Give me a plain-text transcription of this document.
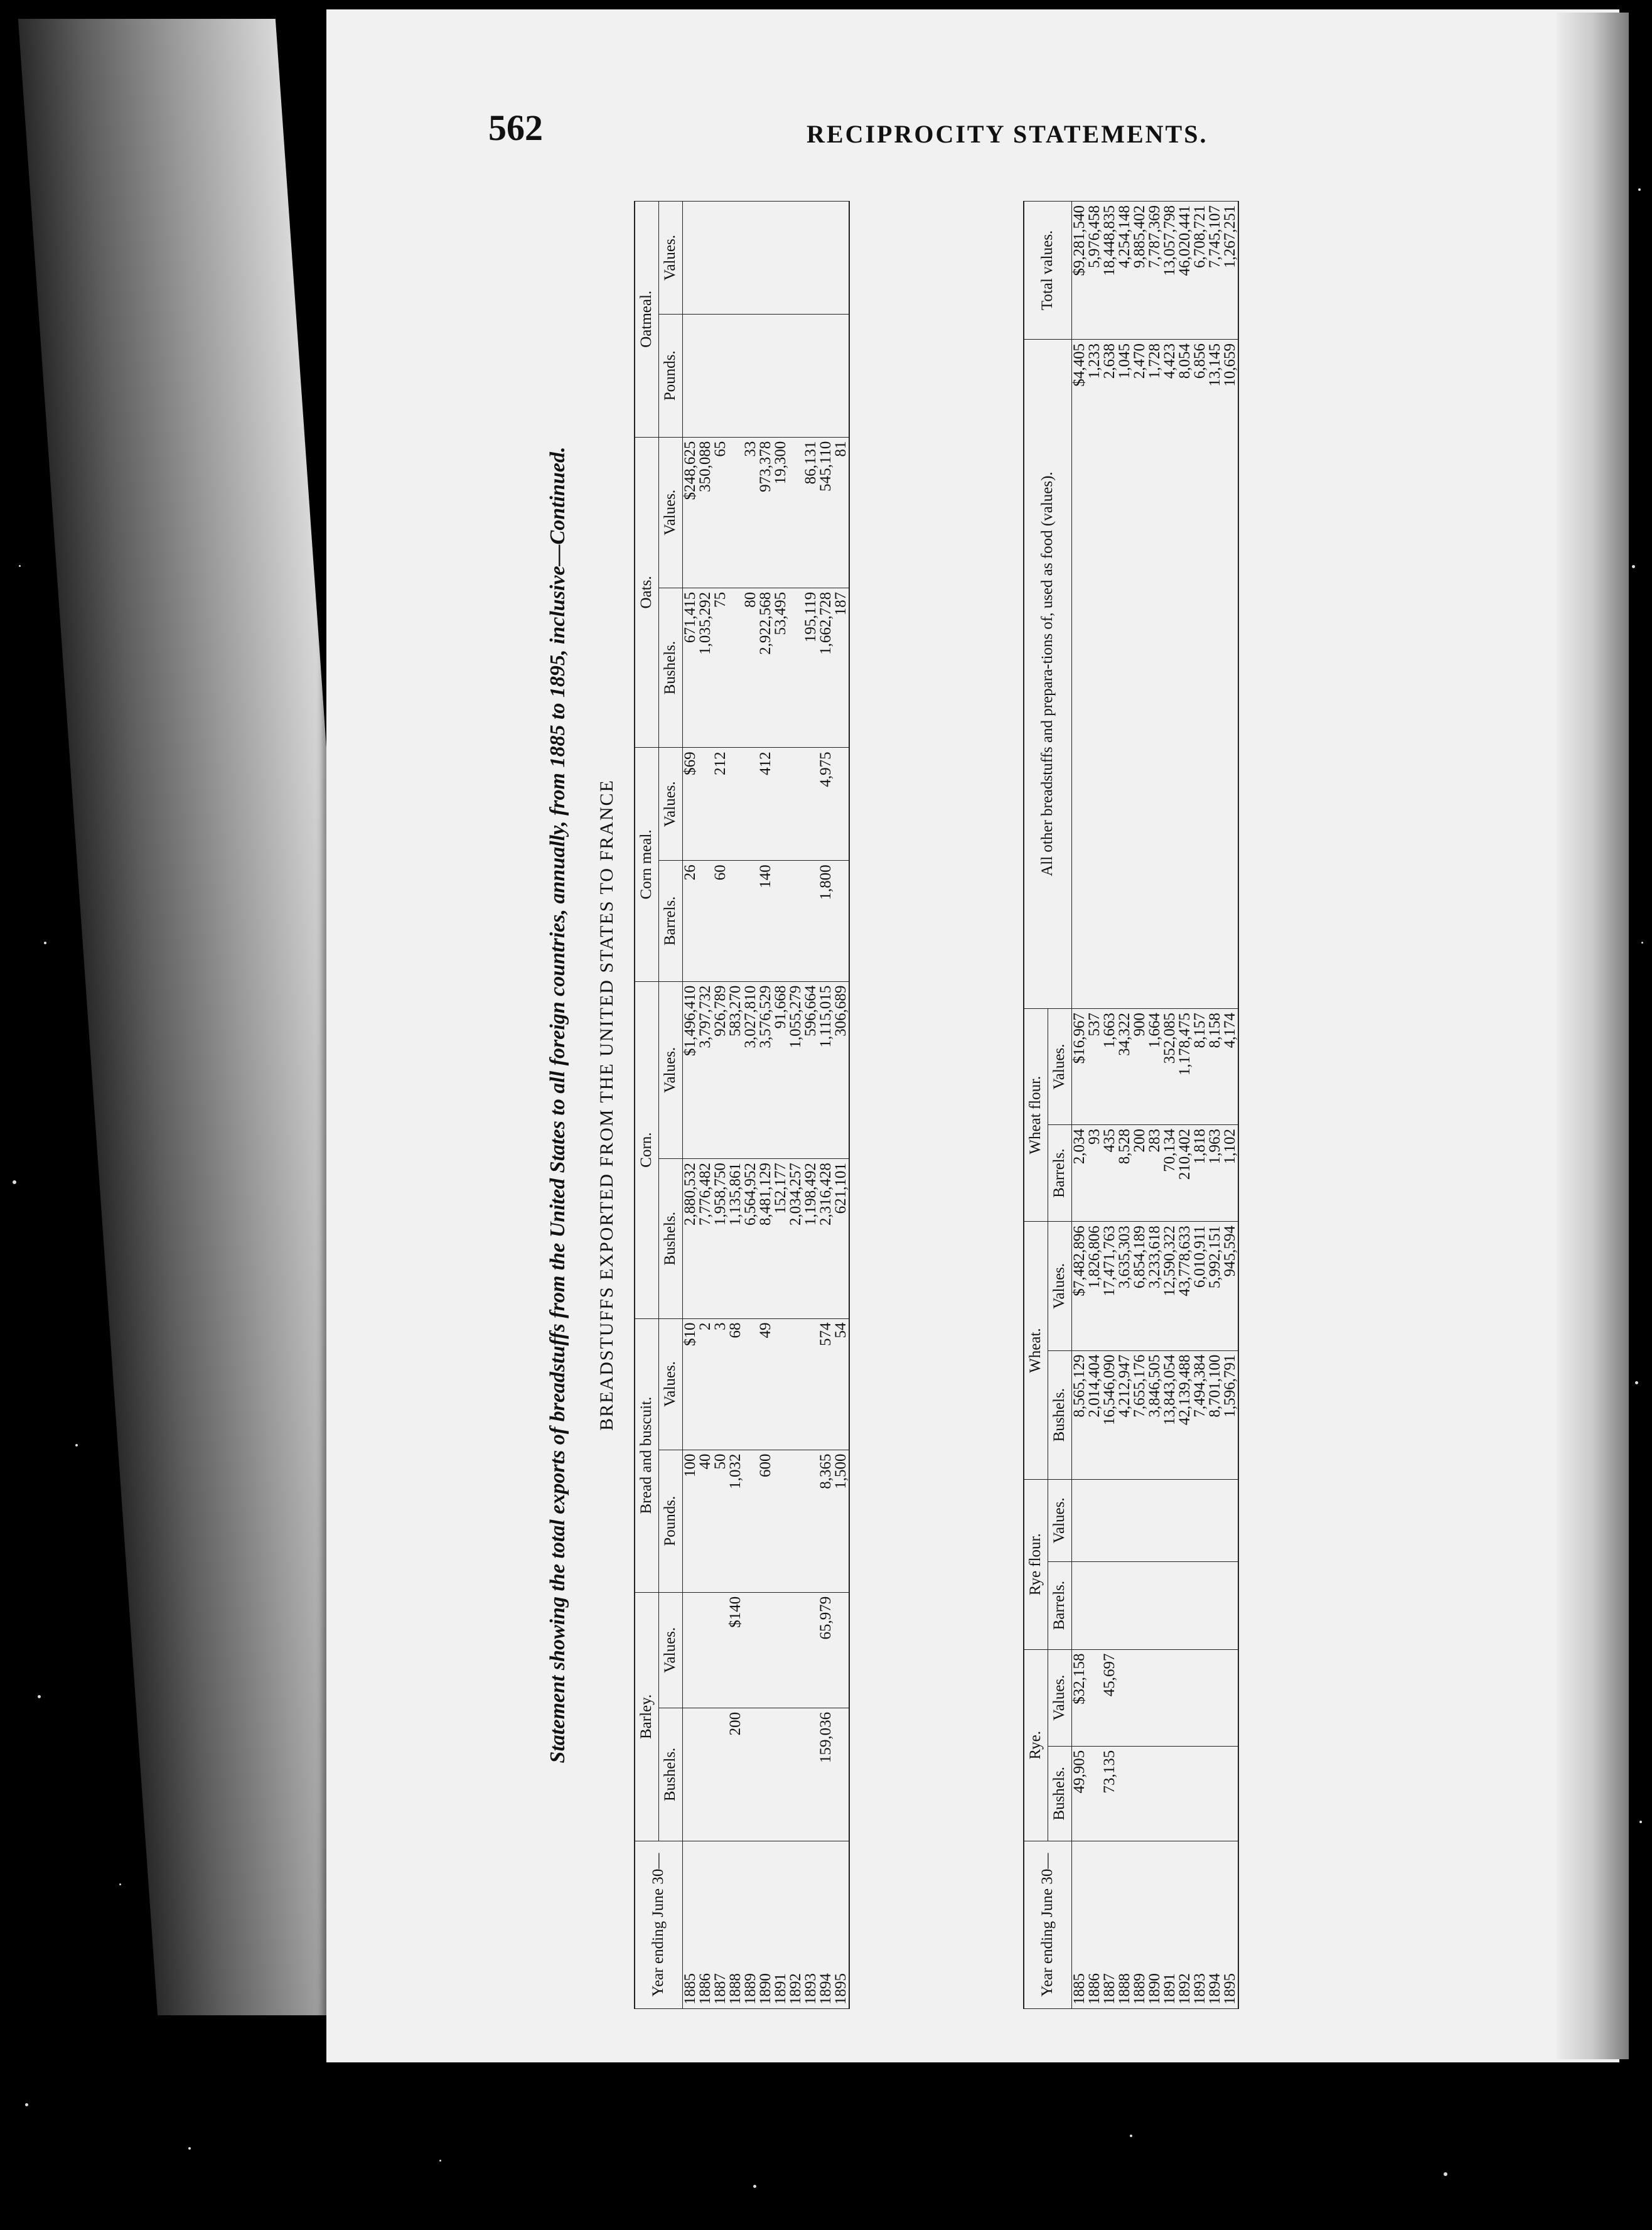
562	RECIPROCITY STATEMENTS.
Statement showing the total exports of breadstuffs from the United States to all foreign countries, annually, from 1885 to 1895, inclusive—Continued. BREADSTUFFS EXPORTED FROM THE UNITED STATES TO FRANCE
Year ending June 30—	Barley.		Bread and buscuit.		Corn.		Corn meal.		Oats.		Oatmeal.	
	Bushels.	Values.	Pounds.	Values.	Bushels.	Values.	Barrels.	Values.	Bushels.	Values.	Pounds.	Values.
1885			100	$10	2,880,532	$1,496,410	26	$69	671,415	$248,625		
1886			40	2	7,776,482	3,797,732			1,035,292	350,088		
1887			50	3	1,958,750	926,789	60	212	75	65		
1888	200	$140	1,032	68	1,135,861	583,270						
1889					6,564,952	3,027,810			80	33		
1890			600	49	8,481,129	3,576,529	140	412	2,922,568	973,378		
1891					152,177	91,668			53,495	19,300		
1892					2,034,257	1,055,279						
1893					1,198,492	596,664			195,119	86,131		
1894	159,036	65,979	8,365	574	2,316,428	1,115,015	1,800	4,975	1,662,728	545,110		
1895			1,500	54	621,101	306,689			187	81		
Year ending June 30—	Rye.		Rye flour.		Wheat.		Wheat flour.		All other breadstuffs and prepara-tions of, used as food (values).	Total values.
	Bushels.	Values.	Barrels.	Values.	Bushels.	Values.	Barrels.	Values.		
1885	49,905	$32,158			8,565,129	$7,482,896	2,034	$16,967	$4,405	$9,281,540
1886					2,014,404	1,826,806	93	537	1,233	5,976,458
1887	73,135	45,697			16,546,090	17,471,763	435	1,663	2,638	18,448,835
1888					4,212,947	3,635,303	8,528	34,322	1,045	4,254,148
1889					7,655,176	6,854,189	200	900	2,470	9,885,402
1890					3,846,505	3,233,618	283	1,664	1,728	7,787,369
1891					13,843,054	12,590,322	70,134	352,085	4,423	13,057,798
1892					42,139,488	43,778,633	210,402	1,178,475	8,054	46,020,441
1893					7,494,384	6,010,911	1,818	8,157	6,856	6,708,721
1894					8,701,100	5,992,151	1,963	8,158	13,145	7,745,107
1895					1,596,791	945,594	1,102	4,174	10,659	1,267,251
